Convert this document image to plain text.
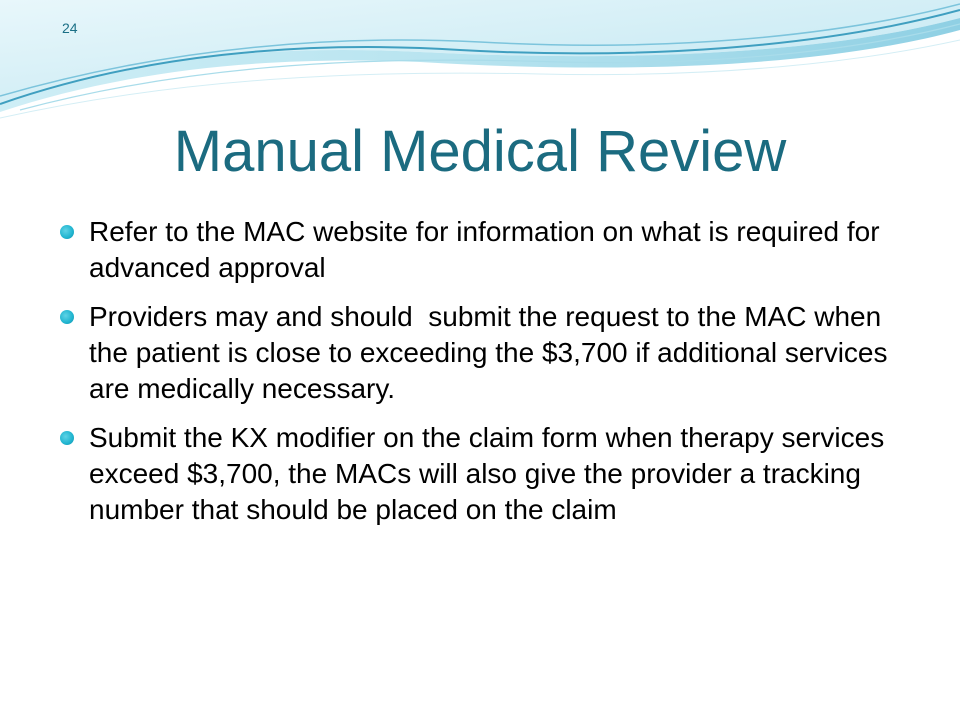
24
Manual Medical Review
Refer to the MAC website for information on what is required for advanced approval
Providers may and should  submit the request to the MAC when the patient is close to exceeding the $3,700 if additional services are medically necessary.
Submit the KX modifier on the claim form when therapy services exceed $3,700, the MACs will also give the provider a tracking number that should be placed on the claim
